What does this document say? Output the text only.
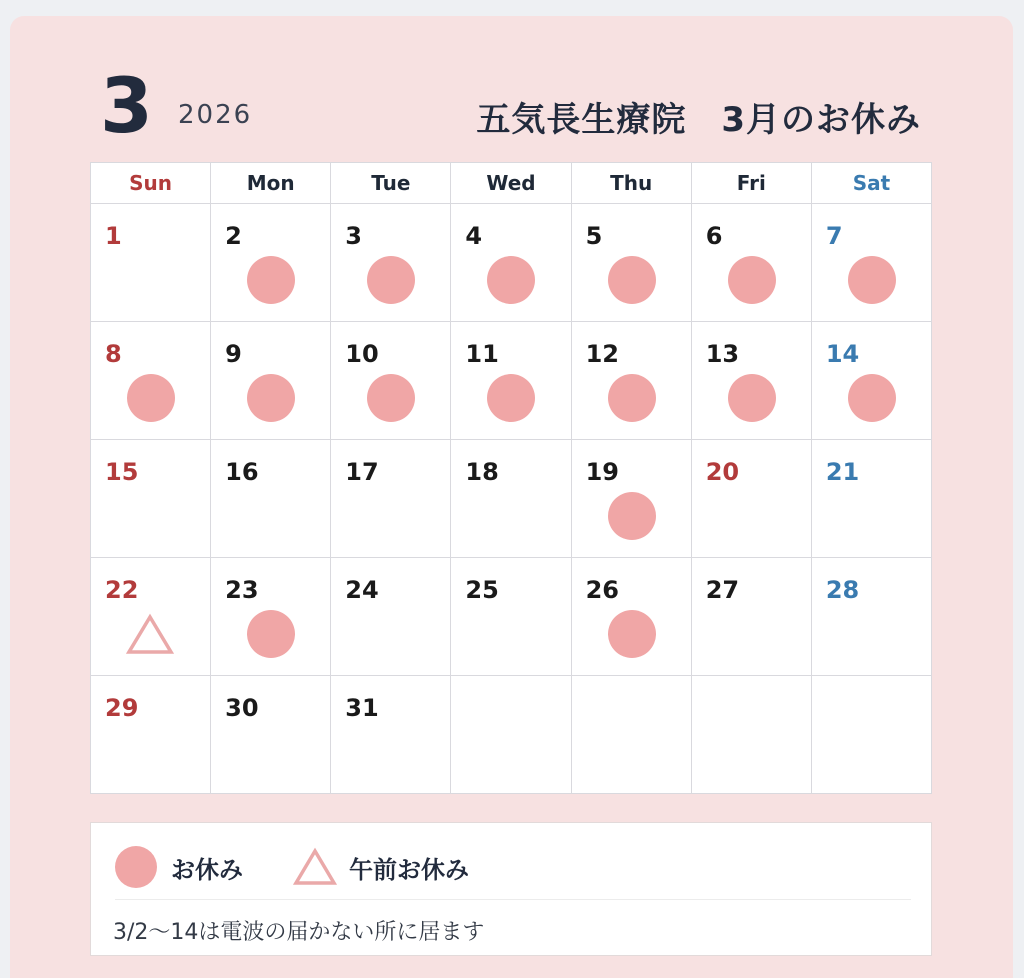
3 2026	五気長生療院　3月のお休み
Sun	Mon	Tue	Wed	Thu	Fri	Sat

1	2	3	4	5	6	7

8	9	10	11	12	13	14

15	16	17	18	19	20	21

22	23	24	25	26	27	28

29	30	31				

お休み	午前お休み
3/2〜14は電波の届かない所に居ます
